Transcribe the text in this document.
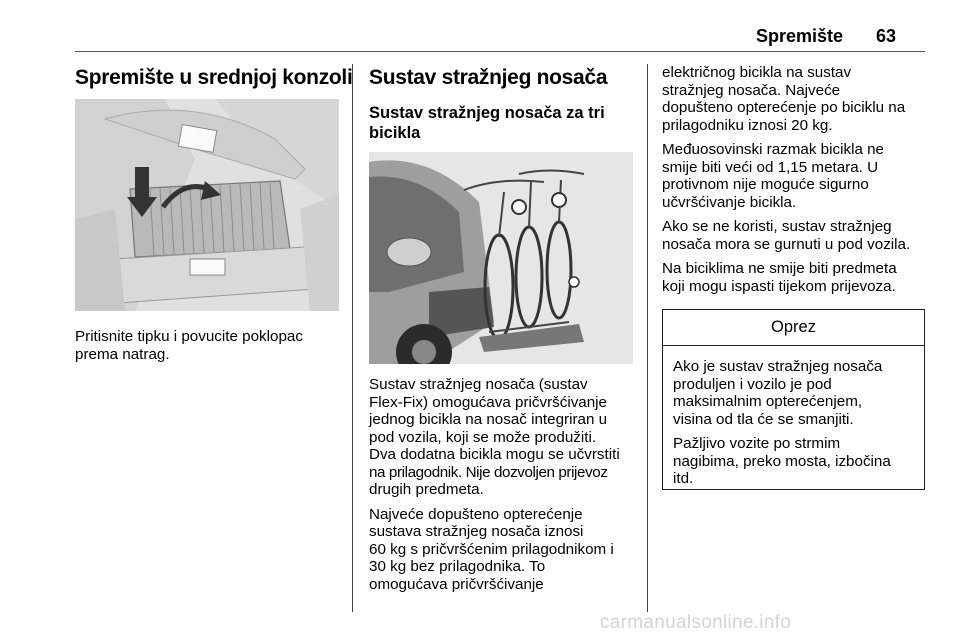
Spremište 63
Spremište u srednjoj konzoli

Pritisnite tipku i povucite poklopac
prema natrag.

Sustav stražnjeg nosača
Sustav stražnjeg nosača za tri
bicikla

Sustav stražnjeg nosača (sustav
Flex-Fix) omogućava pričvršćivanje
jednog bicikla na nosač integriran u
pod vozila, koji se može produžiti.
Dva dodatna bicikla mogu se učvrstiti
na prilagodnik. Nije dozvoljen prijevoz
drugih predmeta.

Najveće dopušteno opterećenje
sustava stražnjeg nosača iznosi
60 kg s pričvršćenim prilagodnikom i
30 kg bez prilagodnika. To
omogućava pričvršćivanje

električnog bicikla na sustav
stražnjeg nosača. Najveće
dopušteno opterećenje po biciklu na
prilagodniku iznosi 20 kg.

Međuosovinski razmak bicikla ne
smije biti veći od 1,15 metara. U
protivnom nije moguće sigurno
učvršćivanje bicikla.

Ako se ne koristi, sustav stražnjeg
nosača mora se gurnuti u pod vozila.

Na biciklima ne smije biti predmeta
koji mogu ispasti tijekom prijevoza.

Oprez

Ako je sustav stražnjeg nosača
produljen i vozilo je pod
maksimalnim opterećenjem,
visina od tla će se smanjiti.

Pažljivo vozite po strmim
nagibima, preko mosta, izbočina
itd.

carmanualsonline.info
